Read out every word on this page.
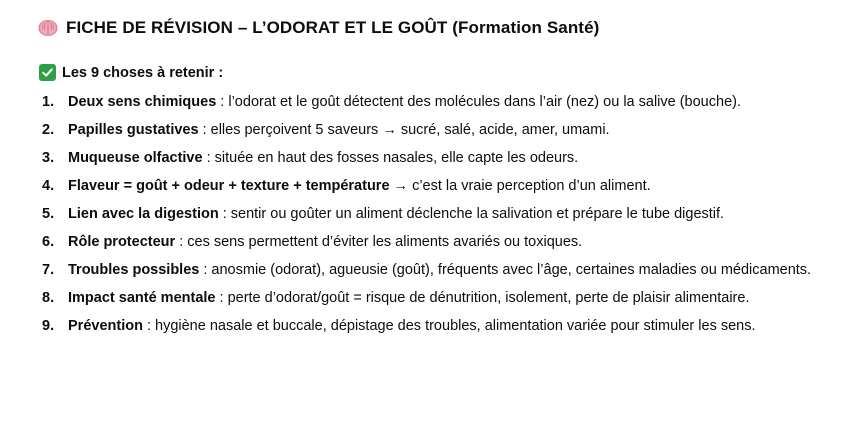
FICHE DE RÉVISION – L’ODORAT ET LE GOÛT (Formation Santé)
Les 9 choses à retenir :
1. Deux sens chimiques : l’odorat et le goût détectent des molécules dans l’air (nez) ou la salive (bouche).
2. Papilles gustatives : elles perçoivent 5 saveurs → sucré, salé, acide, amer, umami.
3. Muqueuse olfactive : située en haut des fosses nasales, elle capte les odeurs.
4. Flaveur = goût + odeur + texture + température → c’est la vraie perception d’un aliment.
5. Lien avec la digestion : sentir ou goûter un aliment déclenche la salivation et prépare le tube digestif.
6. Rôle protecteur : ces sens permettent d’éviter les aliments avariés ou toxiques.
7. Troubles possibles : anosmie (odorat), agueusie (goût), fréquents avec l’âge, certaines maladies ou médicaments.
8. Impact santé mentale : perte d’odorat/goût = risque de dénutrition, isolement, perte de plaisir alimentaire.
9. Prévention : hygiène nasale et buccale, dépistage des troubles, alimentation variée pour stimuler les sens.
